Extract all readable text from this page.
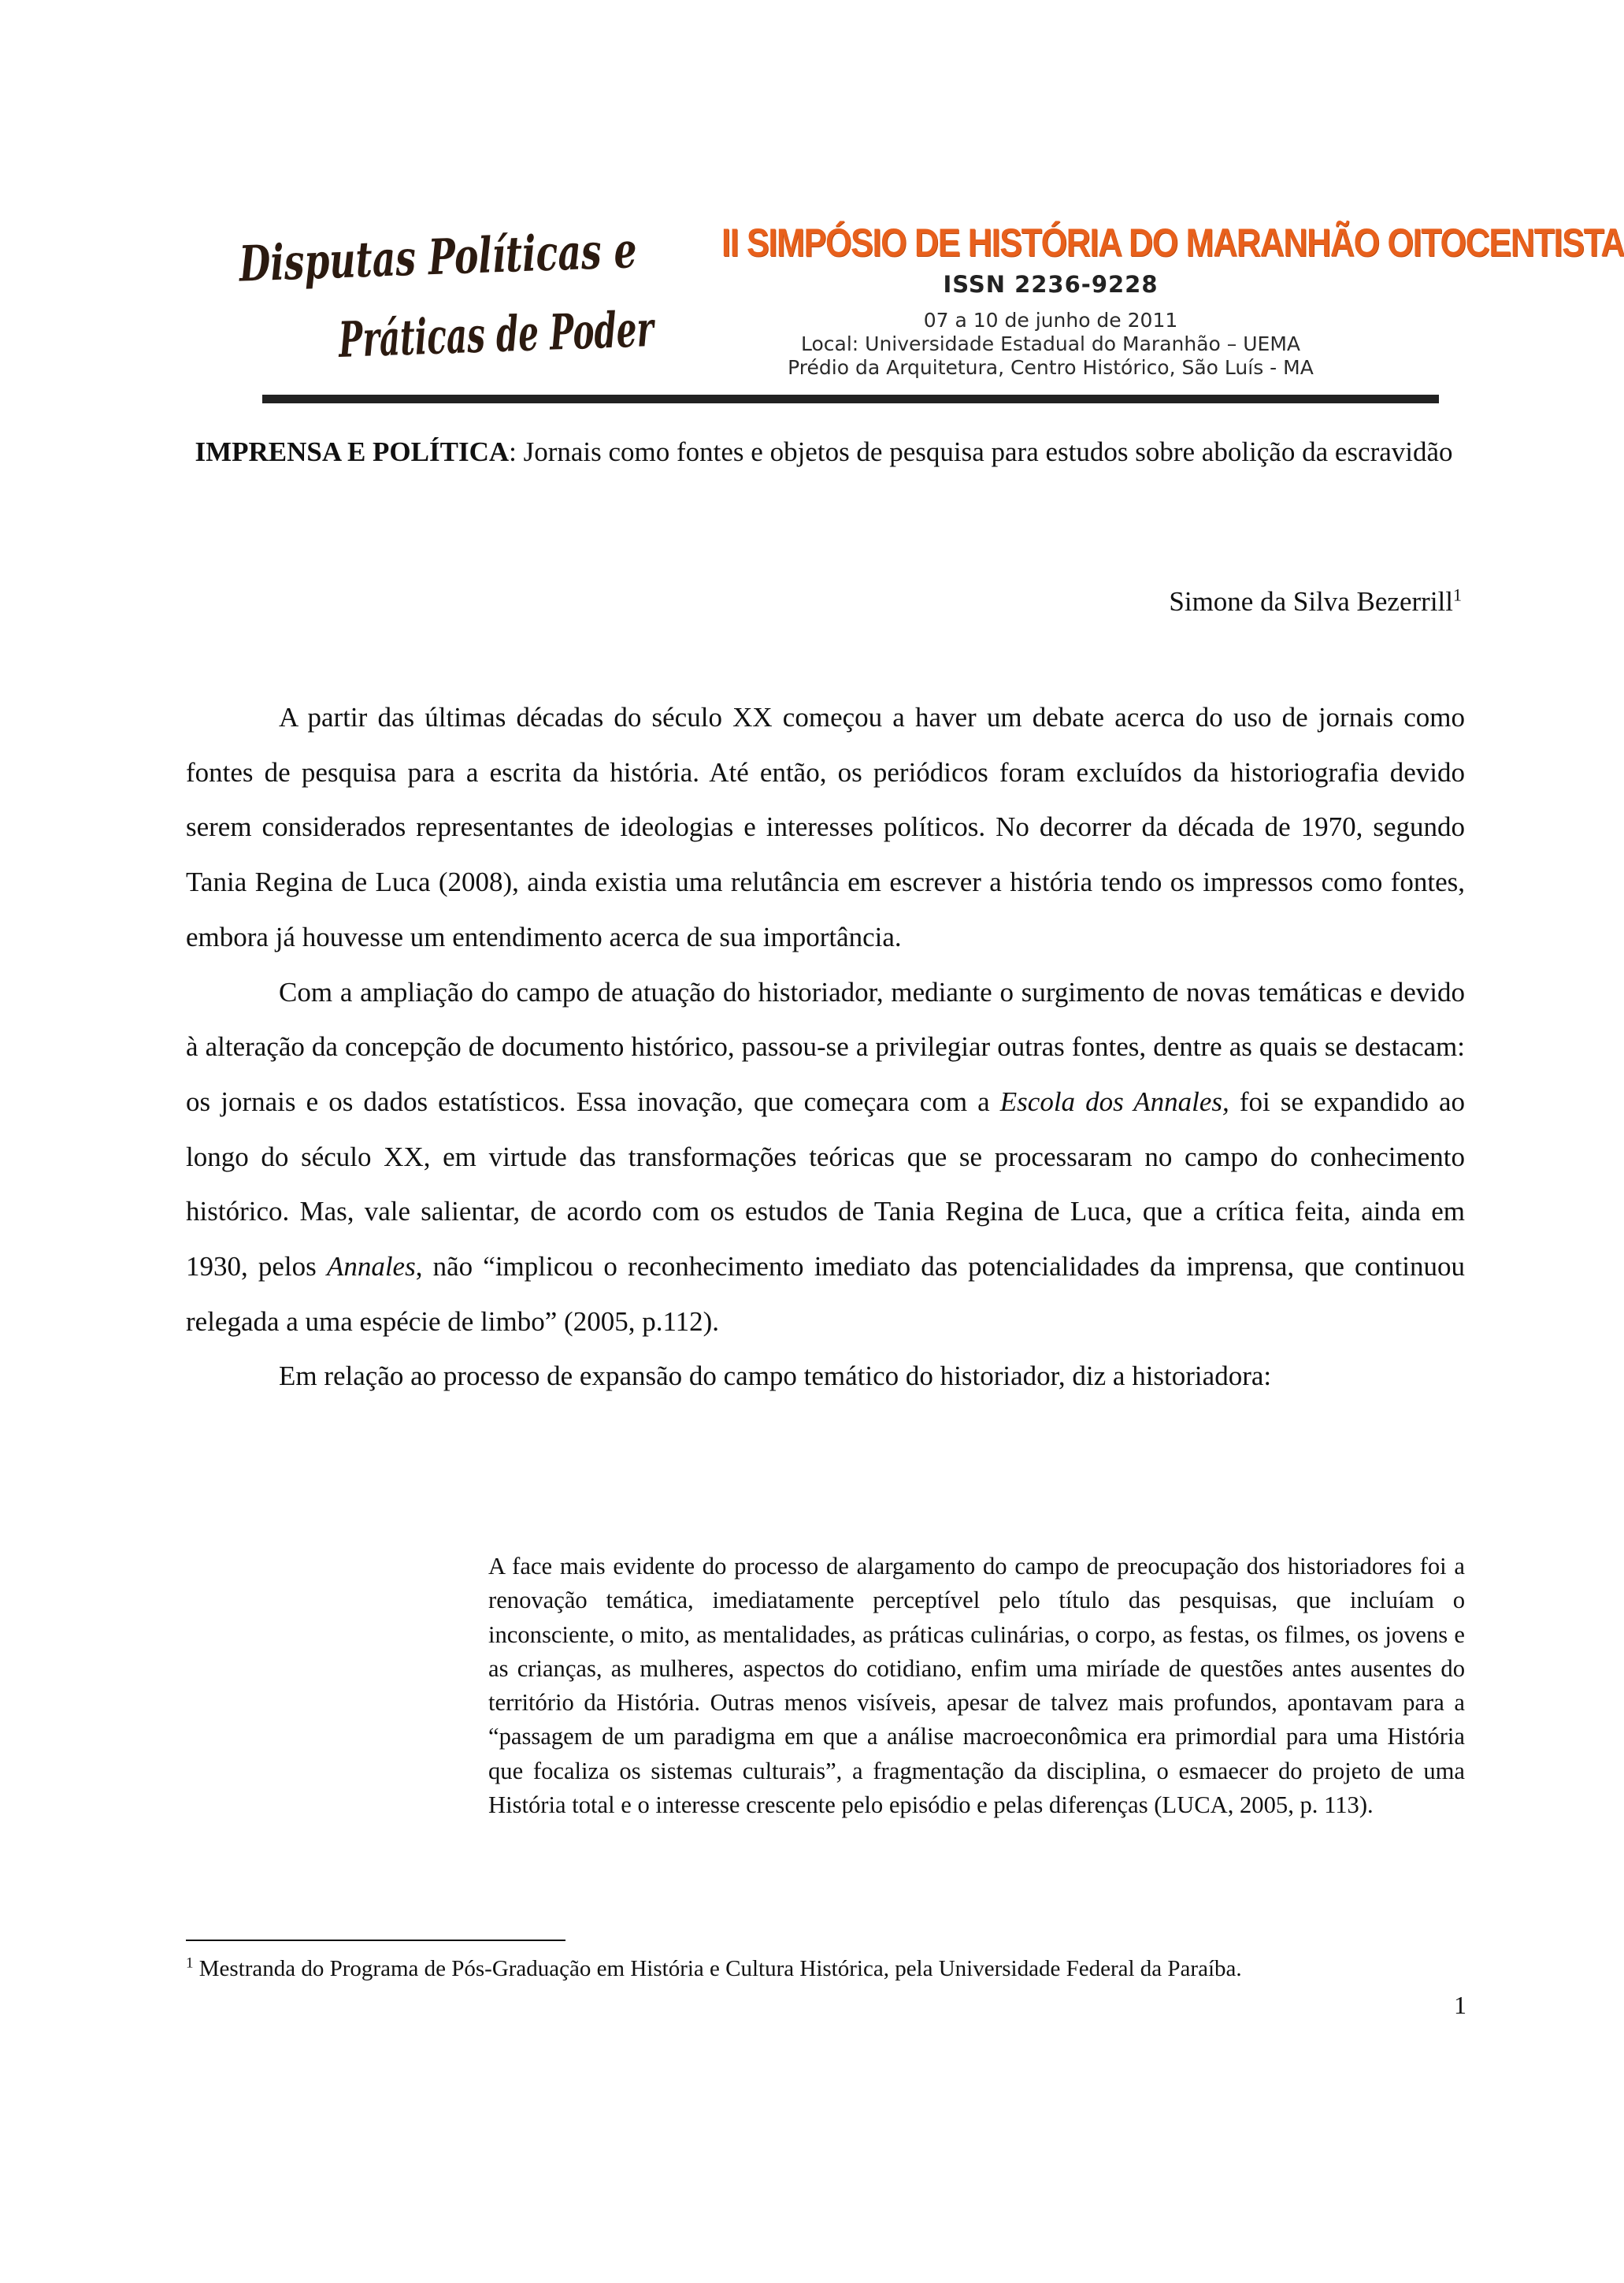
Disputas Políticas e
Práticas de Poder
II SIMPÓSIO DE HISTÓRIA DO MARANHÃO OITOCENTISTA
ISSN 2236-9228
07 a 10 de junho de 2011
Local: Universidade Estadual do Maranhão – UEMA
Prédio da Arquitetura, Centro Histórico, São Luís - MA
IMPRENSA E POLÍTICA: Jornais como fontes e objetos de pesquisa para estudos sobre abolição da escravidão
Simone da Silva Bezerrill$^1$

A partir das últimas décadas do século XX começou a haver um debate acerca do uso de jornais como fontes de pesquisa para a escrita da história. Até então, os periódicos foram excluídos da historiografia devido serem considerados representantes de ideologias e interesses políticos. No decorrer da década de 1970, segundo Tania Regina de Luca (2008), ainda existia uma relutância em escrever a história tendo os impressos como fontes, embora já houvesse um entendimento acerca de sua importância.

Com a ampliação do campo de atuação do historiador, mediante o surgimento de novas temáticas e devido à alteração da concepção de documento histórico, passou-se a privilegiar outras fontes, dentre as quais se destacam: os jornais e os dados estatísticos. Essa inovação, que começara com a Escola dos Annales, foi se expandido ao longo do século XX, em virtude das transformações teóricas que se processaram no campo do conhecimento histórico. Mas, vale salientar, de acordo com os estudos de Tania Regina de Luca, que a crítica feita, ainda em 1930, pelos Annales, não “implicou o reconhecimento imediato das potencialidades da imprensa, que continuou relegada a uma espécie de limbo” (2005, p.112).

Em relação ao processo de expansão do campo temático do historiador, diz a historiadora:

A face mais evidente do processo de alargamento do campo de preocupação dos historiadores foi a renovação temática, imediatamente perceptível pelo título das pesquisas, que incluíam o inconsciente, o mito, as mentalidades, as práticas culinárias, o corpo, as festas, os filmes, os jovens e as crianças, as mulheres, aspectos do cotidiano, enfim uma miríade de questões antes ausentes do território da História. Outras menos visíveis, apesar de talvez mais profundos, apontavam para a “passagem de um paradigma em que a análise macroeconômica era primordial para uma História que focaliza os sistemas culturais”, a fragmentação da disciplina, o esmaecer do projeto de uma História total e o interesse crescente pelo episódio e pelas diferenças (LUCA, 2005, p. 113).

$^1$ Mestranda do Programa de Pós-Graduação em História e Cultura Histórica, pela Universidade Federal da Paraíba.
1
